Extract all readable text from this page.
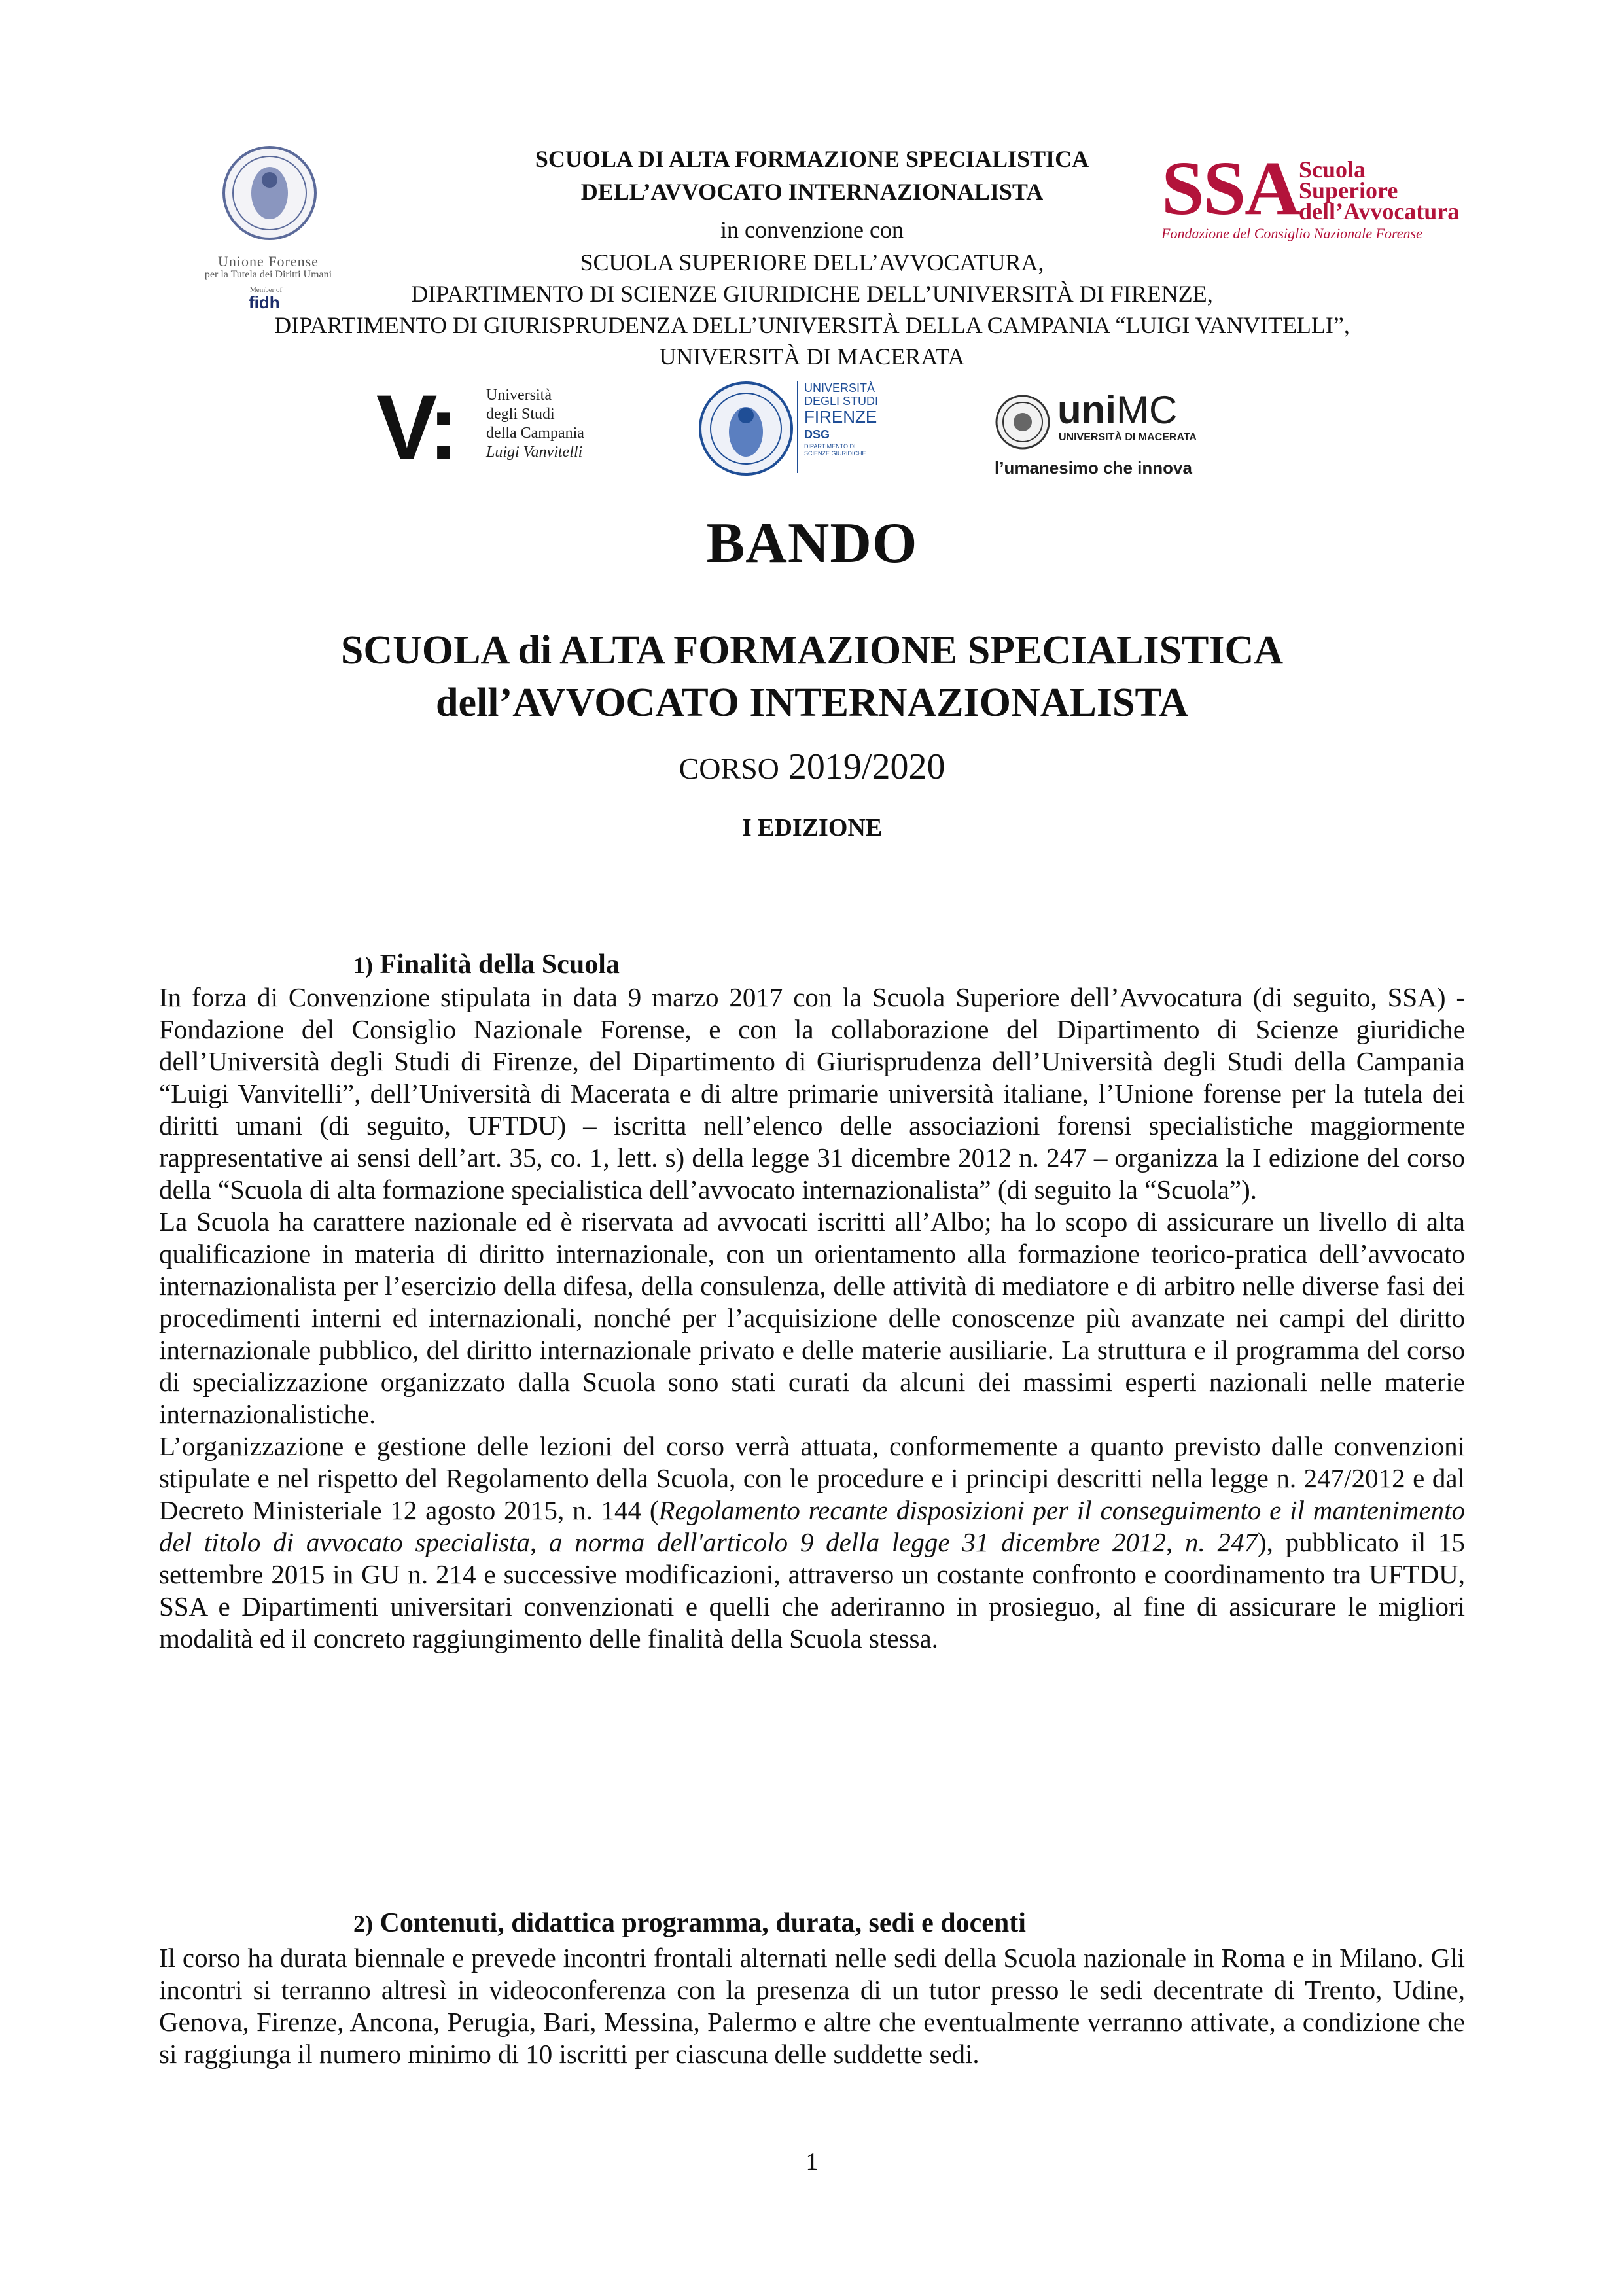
SCUOLA DI ALTA FORMAZIONE SPECIALISTICA
DELL’AVVOCATO INTERNAZIONALISTA
in convenzione con
SCUOLA SUPERIORE DELL’AVVOCATURA,
DIPARTIMENTO DI SCIENZE GIURIDICHE DELL’UNIVERSITÀ DI FIRENZE,
DIPARTIMENTO DI GIURISPRUDENZA DELL’UNIVERSITÀ DELLA CAMPANIA “LUIGI VANVITELLI”,
UNIVERSITÀ DI MACERATA
Unione Forense
per la Tutela dei Diritti Umani
Member of
fidh
SSA Scuola
Superiore
dell’Avvocatura
Fondazione del Consiglio Nazionale Forense
V: Università
degli Studi
della Campania
Luigi Vanvitelli
UNIVERSITÀ
DEGLI STUDI
FIRENZE
DSG
DIPARTIMENTO DI
SCIENZE GIURIDICHE
uniMC
UNIVERSITÀ DI MACERATA
l’umanesimo che innova
BANDO
SCUOLA di ALTA FORMAZIONE SPECIALISTICA
dell’AVVOCATO INTERNAZIONALISTA
CORSO 2019/2020
I EDIZIONE
1) Finalità della Scuola

In forza di Convenzione stipulata in data 9 marzo 2017 con la Scuola Superiore dell’Avvocatura (di seguito, SSA) - Fondazione del Consiglio Nazionale Forense, e con la collaborazione del Dipartimento di Scienze giuridiche dell’Università degli Studi di Firenze, del Dipartimento di Giurisprudenza dell’Università degli Studi della Campania “Luigi Vanvitelli”, dell’Università di Macerata e di altre primarie università italiane, l’Unione forense per la tutela dei diritti umani (di seguito, UFTDU) – iscritta nell’elenco delle associazioni forensi specialistiche maggiormente rappresentative ai sensi dell’art. 35, co. 1, lett. s) della legge 31 dicembre 2012 n. 247 – organizza la I edizione del corso della “Scuola di alta formazione specialistica dell’avvocato internazionalista” (di seguito la “Scuola”).

La Scuola ha carattere nazionale ed è riservata ad avvocati iscritti all’Albo; ha lo scopo di assicurare un livello di alta qualificazione in materia di diritto internazionale, con un orientamento alla formazione teorico-pratica dell’avvocato internazionalista per l’esercizio della difesa, della consulenza, delle attività di mediatore e di arbitro nelle diverse fasi dei procedimenti interni ed internazionali, nonché per l’acquisizione delle conoscenze più avanzate nei campi del diritto internazionale pubblico, del diritto internazionale privato e delle materie ausiliarie. La struttura e il programma del corso di specializzazione organizzato dalla Scuola sono stati curati da alcuni dei massimi esperti nazionali nelle materie internazionalistiche.

L’organizzazione e gestione delle lezioni del corso verrà attuata, conformemente a quanto previsto dalle convenzioni stipulate e nel rispetto del Regolamento della Scuola, con le procedure e i principi descritti nella legge n. 247/2012 e dal Decreto Ministeriale 12 agosto 2015, n. 144 (Regolamento recante disposizioni per il conseguimento e il mantenimento del titolo di avvocato specialista, a norma dell'articolo 9 della legge 31 dicembre 2012, n. 247), pubblicato il 15 settembre 2015 in GU n. 214 e successive modificazioni, attraverso un costante confronto e coordinamento tra UFTDU, SSA e Dipartimenti universitari convenzionati e quelli che aderiranno in prosieguo, al fine di assicurare le migliori modalità ed il concreto raggiungimento delle finalità della Scuola stessa.

2) Contenuti, didattica programma, durata, sedi e docenti

Il corso ha durata biennale e prevede incontri frontali alternati nelle sedi della Scuola nazionale in Roma e in Milano. Gli incontri si terranno altresì in videoconferenza con la presenza di un tutor presso le sedi decentrate di Trento, Udine, Genova, Firenze, Ancona, Perugia, Bari, Messina, Palermo e altre che eventualmente verranno attivate, a condizione che si raggiunga il numero minimo di 10 iscritti per ciascuna delle suddette sedi.

1
